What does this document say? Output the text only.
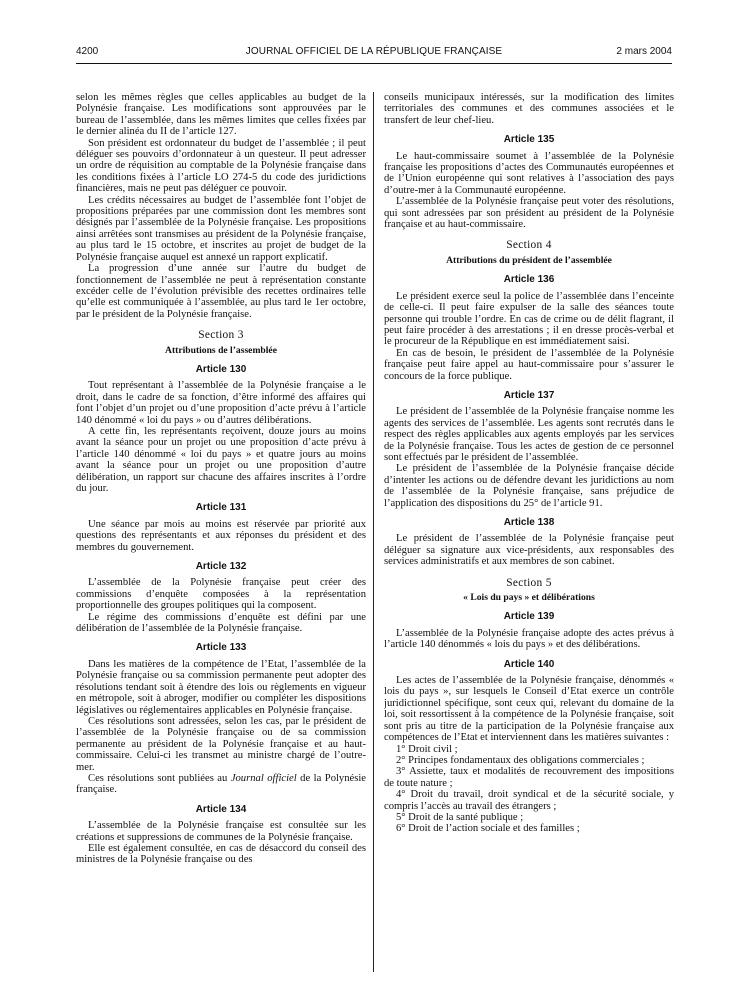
4200	JOURNAL OFFICIEL DE LA RÉPUBLIQUE FRANÇAISE	2 mars 2004

selon les mêmes règles que celles applicables au budget de la Polynésie française. Les modifications sont approuvées par le bureau de l’assemblée, dans les mêmes limites que celles fixées par le dernier alinéa du II de l’article 127.

Son président est ordonnateur du budget de l’assemblée ; il peut déléguer ses pouvoirs d’ordonnateur à un questeur. Il peut adresser un ordre de réquisition au comptable de la Polynésie française dans les conditions fixées à l’article LO 274-5 du code des juridictions financières, mais ne peut pas déléguer ce pouvoir.

Les crédits nécessaires au budget de l’assemblée font l’objet de propositions préparées par une commission dont les membres sont désignés par l’assemblée de la Polynésie française. Les propositions ainsi arrêtées sont transmises au président de la Polynésie française, au plus tard le 15 octobre, et inscrites au projet de budget de la Polynésie française auquel est annexé un rapport explicatif.

La progression d’une année sur l’autre du budget de fonctionnement de l’assemblée ne peut à représentation constante excéder celle de l’évolution prévisible des recettes ordinaires telle qu’elle est communiquée à l’assemblée, au plus tard le 1er octobre, par le président de la Polynésie française.

Section 3
Attributions de l’assemblée
Article 130

Tout représentant à l’assemblée de la Polynésie française a le droit, dans le cadre de sa fonction, d’être informé des affaires qui font l’objet d’un projet ou d’une proposition d’acte prévu à l’article 140 dénommé « loi du pays » ou d’autres délibérations.

A cette fin, les représentants reçoivent, douze jours au moins avant la séance pour un projet ou une proposition d’acte prévu à l’article 140 dénommé « loi du pays » et quatre jours au moins avant la séance pour un projet ou une proposition d’autre délibération, un rapport sur chacune des affaires inscrites à l’ordre du jour.

Article 131

Une séance par mois au moins est réservée par priorité aux questions des représentants et aux réponses du président et des membres du gouvernement.

Article 132

L’assemblée de la Polynésie française peut créer des commissions d’enquête composées à la représentation proportionnelle des groupes politiques qui la composent.

Le régime des commissions d’enquête est défini par une délibération de l’assemblée de la Polynésie française.

Article 133

Dans les matières de la compétence de l’Etat, l’assemblée de la Polynésie française ou sa commission permanente peut adopter des résolutions tendant soit à étendre des lois ou règlements en vigueur en métropole, soit à abroger, modifier ou compléter les dispositions législatives ou réglementaires applicables en Polynésie française.

Ces résolutions sont adressées, selon les cas, par le président de l’assemblée de la Polynésie française ou de sa commission permanente au président de la Polynésie française et au haut-commissaire. Celui-ci les transmet au ministre chargé de l’outre-mer.

Ces résolutions sont publiées au Journal officiel de la Polynésie française.

Article 134

L’assemblée de la Polynésie française est consultée sur les créations et suppressions de communes de la Polynésie française.

Elle est également consultée, en cas de désaccord du conseil des ministres de la Polynésie française ou des

conseils municipaux intéressés, sur la modification des limites territoriales des communes et des communes associées et le transfert de leur chef-lieu.

Article 135

Le haut-commissaire soumet à l’assemblée de la Polynésie française les propositions d’actes des Communautés européennes et de l’Union européenne qui sont relatives à l’association des pays d’outre-mer à la Communauté européenne.

L’assemblée de la Polynésie française peut voter des résolutions, qui sont adressées par son président au président de la Polynésie française et au haut-commissaire.

Section 4
Attributions du président de l’assemblée
Article 136

Le président exerce seul la police de l’assemblée dans l’enceinte de celle-ci. Il peut faire expulser de la salle des séances toute personne qui trouble l’ordre. En cas de crime ou de délit flagrant, il peut faire procéder à des arrestations ; il en dresse procès-verbal et le procureur de la République en est immédiatement saisi.

En cas de besoin, le président de l’assemblée de la Polynésie française peut faire appel au haut-commissaire pour s’assurer le concours de la force publique.

Article 137

Le président de l’assemblée de la Polynésie française nomme les agents des services de l’assemblée. Les agents sont recrutés dans le respect des règles applicables aux agents employés par les services de la Polynésie française. Tous les actes de gestion de ce personnel sont effectués par le président de l’assemblée.

Le président de l’assemblée de la Polynésie française décide d’intenter les actions ou de défendre devant les juridictions au nom de l’assemblée de la Polynésie française, sans préjudice de l’application des dispositions du 25° de l’article 91.

Article 138

Le président de l’assemblée de la Polynésie française peut déléguer sa signature aux vice-présidents, aux responsables des services administratifs et aux membres de son cabinet.

Section 5
« Lois du pays » et délibérations
Article 139

L’assemblée de la Polynésie française adopte des actes prévus à l’article 140 dénommés « lois du pays » et des délibérations.

Article 140

Les actes de l’assemblée de la Polynésie française, dénommés « lois du pays », sur lesquels le Conseil d’Etat exerce un contrôle juridictionnel spécifique, sont ceux qui, relevant du domaine de la loi, soit ressortissent à la compétence de la Polynésie française, soit sont pris au titre de la participation de la Polynésie française aux compétences de l’Etat et interviennent dans les matières suivantes :

1° Droit civil ;

2° Principes fondamentaux des obligations commerciales ;

3° Assiette, taux et modalités de recouvrement des impositions de toute nature ;

4° Droit du travail, droit syndical et de la sécurité sociale, y compris l’accès au travail des étrangers ;

5° Droit de la santé publique ;

6° Droit de l’action sociale et des familles ;
